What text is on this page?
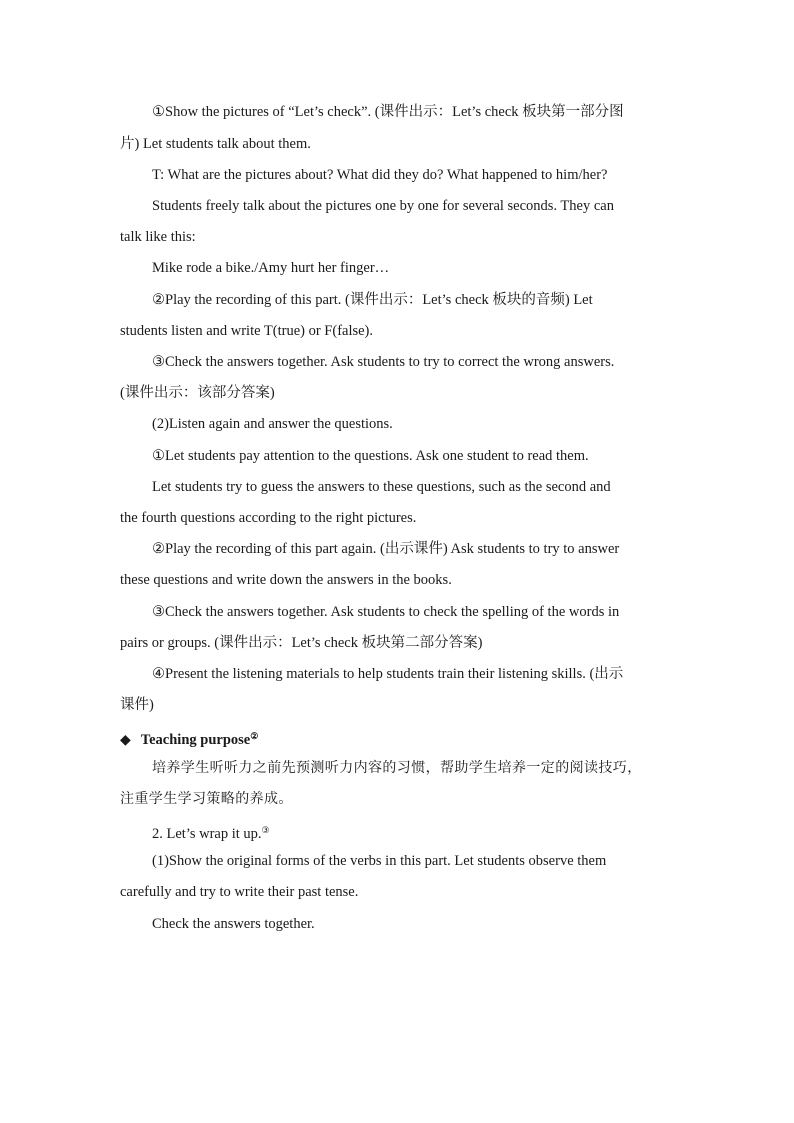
①Show the pictures of “Let’s check”. (课件出示：Let’s check 板块第一部分图
片) Let students talk about them.
T: What are the pictures about? What did they do? What happened to him/her?
Students freely talk about the pictures one by one for several seconds. They can
talk like this:
Mike rode a bike./Amy hurt her finger…
②Play the recording of this part. (课件出示：Let’s check 板块的音频) Let
students listen and write T(true) or F(false).
③Check the answers together. Ask students to try to correct the wrong answers.
(课件出示：该部分答案)
(2)Listen again and answer the questions.
①Let students pay attention to the questions. Ask one student to read them.
Let students try to guess the answers to these questions, such as the second and
the fourth questions according to the right pictures.
②Play the recording of this part again. (出示课件) Ask students to try to answer
these questions and write down the answers in the books.
③Check the answers together. Ask students to check the spelling of the words in
pairs or groups. (课件出示：Let’s check 板块第二部分答案)
④Present the listening materials to help students train their listening skills. (出示
课件)
◆ Teaching purpose②
培养学生听听力之前先预测听力内容的习惯，帮助学生培养一定的阅读技巧，
注重学生学习策略的养成。
2. Let’s wrap it up.③
(1)Show the original forms of the verbs in this part. Let students observe them
carefully and try to write their past tense.
Check the answers together.
